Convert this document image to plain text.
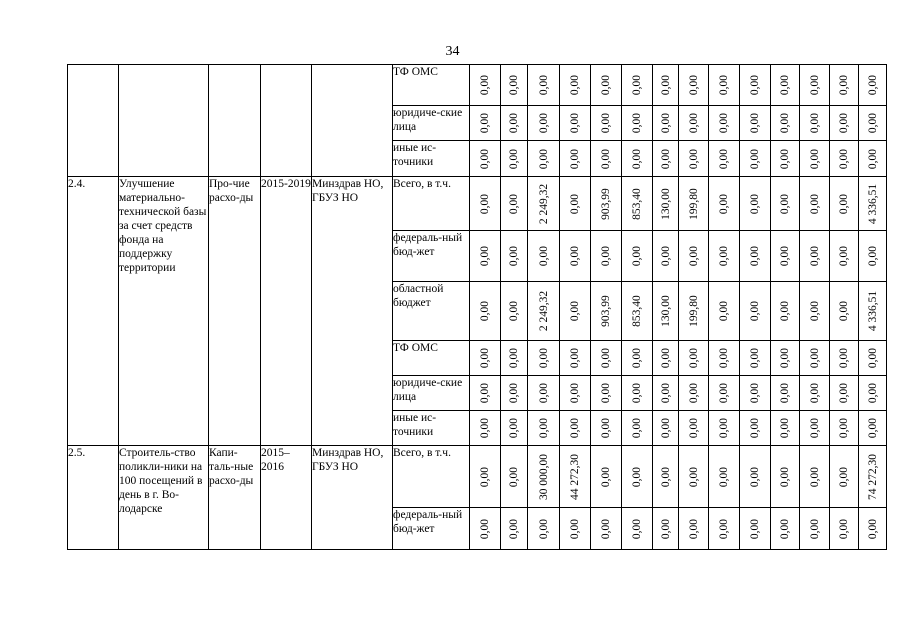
34
					ТФ ОМС	0,00	0,00	0,00	0,00	0,00	0,00	0,00	0,00	0,00	0,00	0,00	0,00	0,00	0,00

					юридиче-ские лица	0,00	0,00	0,00	0,00	0,00	0,00	0,00	0,00	0,00	0,00	0,00	0,00	0,00	0,00

					иные ис-точники	0,00	0,00	0,00	0,00	0,00	0,00	0,00	0,00	0,00	0,00	0,00	0,00	0,00	0,00

2.4.	Улучшение материально-технической базы за счет средств фонда на поддержку территории	Про-чие расхо-ды	2015-2019	Минздрав НО, ГБУЗ НО	Всего, в т.ч.	0,00	0,00	2 249,32	0,00	903,99	853,40	130,00	199,80	0,00	0,00	0,00	0,00	0,00	4 336,51

					федераль-ный бюд-жет	0,00	0,00	0,00	0,00	0,00	0,00	0,00	0,00	0,00	0,00	0,00	0,00	0,00	0,00

					областной бюджет	0,00	0,00	2 249,32	0,00	903,99	853,40	130,00	199,80	0,00	0,00	0,00	0,00	0,00	4 336,51

					ТФ ОМС	0,00	0,00	0,00	0,00	0,00	0,00	0,00	0,00	0,00	0,00	0,00	0,00	0,00	0,00

					юридиче-ские лица	0,00	0,00	0,00	0,00	0,00	0,00	0,00	0,00	0,00	0,00	0,00	0,00	0,00	0,00

					иные ис-точники	0,00	0,00	0,00	0,00	0,00	0,00	0,00	0,00	0,00	0,00	0,00	0,00	0,00	0,00

2.5.	Строитель-ство поликли-ники на 100 посещений в день в г. Во-лодарске	Капи-таль-ные расхо-ды	2015–2016	Минздрав НО, ГБУЗ НО	Всего, в т.ч.	0,00	0,00	30 000,00	44 272,30	0,00	0,00	0,00	0,00	0,00	0,00	0,00	0,00	0,00	74 272,30

					федераль-ный бюд-жет	0,00	0,00	0,00	0,00	0,00	0,00	0,00	0,00	0,00	0,00	0,00	0,00	0,00	0,00
